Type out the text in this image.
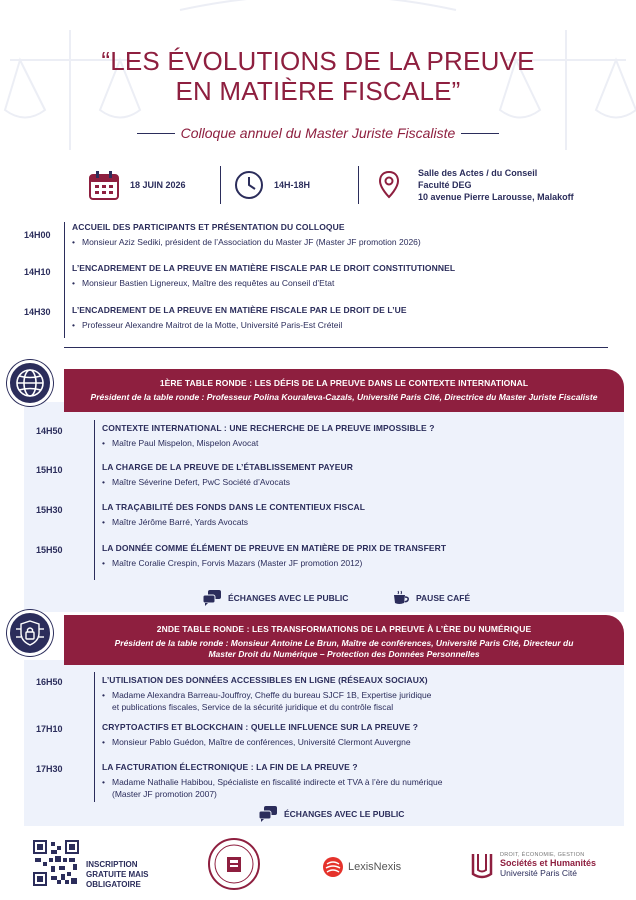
“LES ÉVOLUTIONS DE LA PREUVE
EN MATIÈRE FISCALE”
Colloque annuel du Master Juriste Fiscaliste
18 JUIN 2026	14H-18H
Salle des Actes / du Conseil
Faculté DEG
10 avenue Pierre Larousse, Malakoff
14H00
ACCUEIL DES PARTICIPANTS ET PRÉSENTATION DU COLLOQUE
• Monsieur Aziz Sediki, président de l’Association du Master JF (Master JF promotion 2026)
14H10	L’ENCADREMENT DE LA PREUVE EN MATIÈRE FISCALE PAR LE DROIT CONSTITUTIONNEL
• Monsieur Bastien Lignereux, Maître des requêtes au Conseil d’Etat
14H30	L’ENCADREMENT DE LA PREUVE EN MATIÈRE FISCALE PAR LE DROIT DE L’UE
• Professeur Alexandre Maitrot de la Motte, Université Paris-Est Créteil
1ÈRE TABLE RONDE : LES DÉFIS DE LA PREUVE DANS LE CONTEXTE INTERNATIONAL
Président de la table ronde : Professeur Polina Kouraleva-Cazals, Université Paris Cité, Directrice du Master Juriste Fiscaliste
14H50	CONTEXTE INTERNATIONAL : UNE RECHERCHE DE LA PREUVE IMPOSSIBLE ?
• Maître Paul Mispelon, Mispelon Avocat
15H10	LA CHARGE DE LA PREUVE DE L’ÉTABLISSEMENT PAYEUR
• Maître Séverine Defert, PwC Société d’Avocats
15H30	LA TRAÇABILITÉ DES FONDS DANS LE CONTENTIEUX FISCAL
• Maître Jérôme Barré, Yards Avocats
15H50	LA DONNÉE COMME ÉLÉMENT DE PREUVE EN MATIÈRE DE PRIX DE TRANSFERT
• Maître Coralie Crespin, Forvis Mazars (Master JF promotion 2012)
ÉCHANGES AVEC LE PUBLIC	PAUSE CAFÉ
2NDE TABLE RONDE : LES TRANSFORMATIONS DE LA PREUVE À L’ÈRE DU NUMÉRIQUE
Président de la table ronde : Monsieur Antoine Le Brun, Maître de conférences, Université Paris Cité, Directeur du
Master Droit du Numérique – Protection des Données Personnelles
16H50	L’UTILISATION DES DONNÉES ACCESSIBLES EN LIGNE (RÉSEAUX SOCIAUX)
• Madame Alexandra Barreau-Jouffroy, Cheffe du bureau SJCF 1B, Expertise juridique
et publications fiscales, Service de la sécurité juridique et du contrôle fiscal
17H10	CRYPTOACTIFS ET BLOCKCHAIN : QUELLE INFLUENCE SUR LA PREUVE ?
• Monsieur Pablo Guédon, Maître de conférences, Université Clermont Auvergne
17H30	LA FACTURATION ÉLECTRONIQUE : LA FIN DE LA PREUVE ?
• Madame Nathalie Habibou, Spécialiste en fiscalité indirecte et TVA à l’ère du numérique
(Master JF promotion 2007)
ÉCHANGES AVEC LE PUBLIC
INSCRIPTION
GRATUITE MAIS
OBLIGATOIRE
LexisNexis
DROIT, ÉCONOMIE, GESTION
Sociétés et Humanités
Université Paris Cité
